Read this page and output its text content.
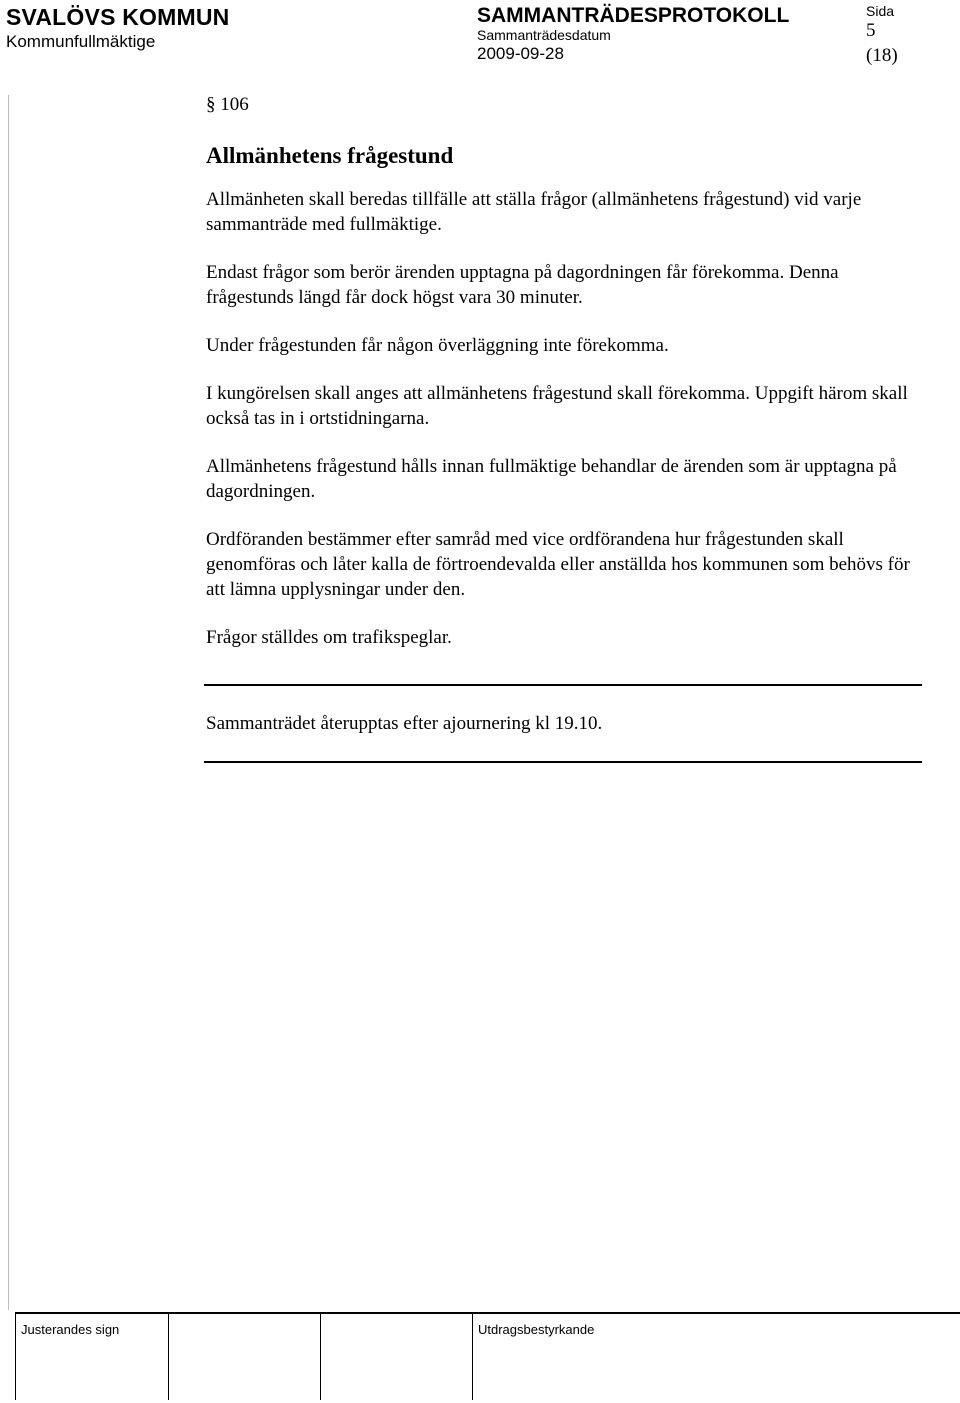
SVALÖVS KOMMUN
Kommunfullmäktige
SAMMANTRÄDESPROTOKOLL
Sammanträdesdatum
2009-09-28
Sida
5
(18)
§ 106
Allmänhetens frågestund

Allmänheten skall beredas tillfälle att ställa frågor (allmänhetens frågestund) vid varje sammanträde med fullmäktige.

Endast frågor som berör ärenden upptagna på dagordningen får förekomma. Denna frågestunds längd får dock högst vara 30 minuter.

Under frågestunden får någon överläggning inte förekomma.

I kungörelsen skall anges att allmänhetens frågestund skall förekomma. Uppgift härom skall också tas in i ortstidningarna.

Allmänhetens frågestund hålls innan fullmäktige behandlar de ärenden som är upptagna på dagordningen.

Ordföranden bestämmer efter samråd med vice ordförandena hur frågestunden skall genomföras och låter kalla de förtroendevalda eller anställda hos kommunen som behövs för att lämna upplysningar under den.

Frågor ställdes om trafikspeglar.

Sammanträdet återupptas efter ajournering kl 19.10.
Justerandes sign	Utdragsbestyrkande
